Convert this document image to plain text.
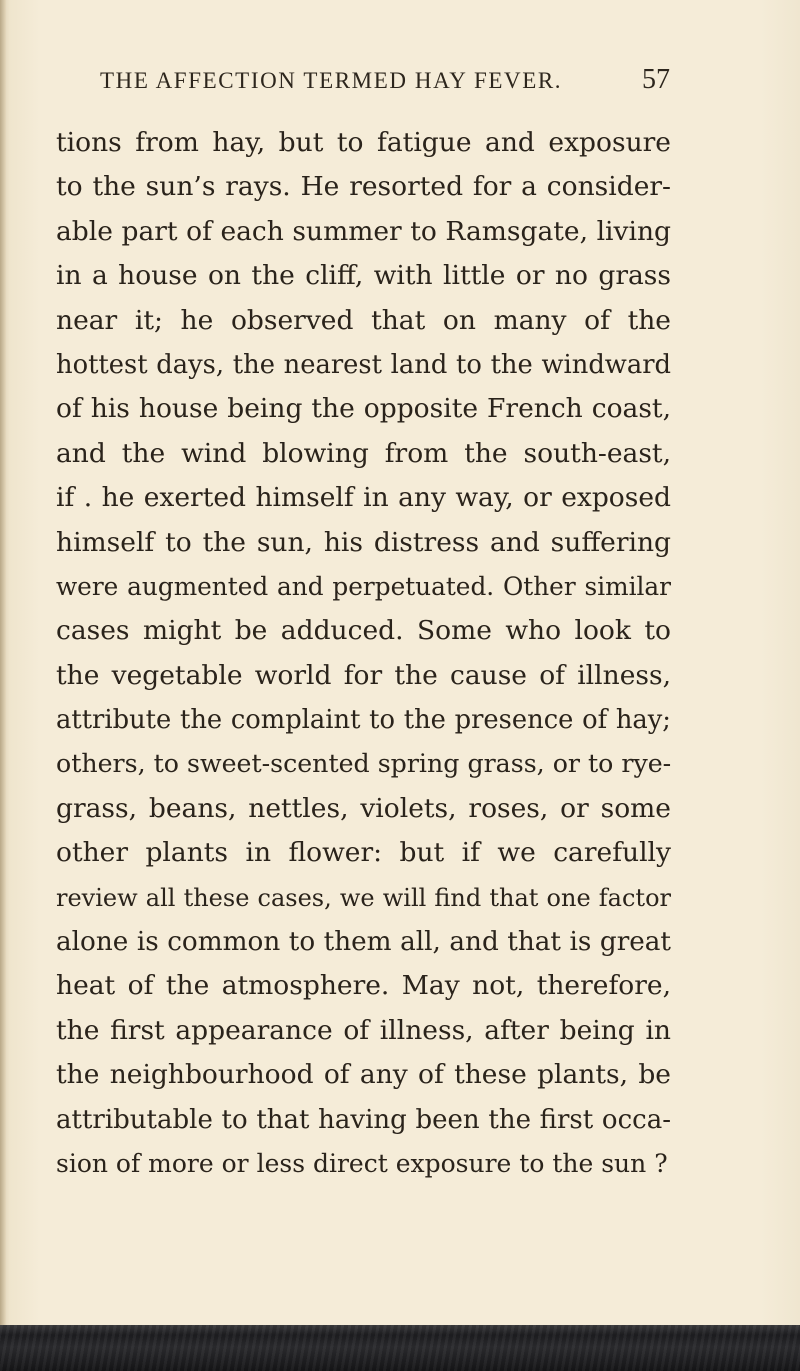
THE AFFECTION TERMED HAY FEVER.	57
tions from hay, but to fatigue and exposure
to the sun’s rays. He resorted for a consider-
able part of each summer to Ramsgate, living
in a house on the cliff, with little or no grass
near it; he observed that on many of the
hottest days, the nearest land to the windward
of his house being the opposite French coast,
and the wind blowing from the south-east,
if . he exerted himself in any way, or exposed
himself to the sun, his distress and suffering
were augmented and perpetuated. Other similar
cases might be adduced. Some who look to
the vegetable world for the cause of illness,
attribute the complaint to the presence of hay;
others, to sweet-scented spring grass, or to rye-
grass, beans, nettles, violets, roses, or some
other plants in flower: but if we carefully
review all these cases, we will find that one factor
alone is common to them all, and that is great
heat of the atmosphere. May not, therefore,
the first appearance of illness, after being in
the neighbourhood of any of these plants, be
attributable to that having been the first occa-
sion of more or less direct exposure to the sun ?
